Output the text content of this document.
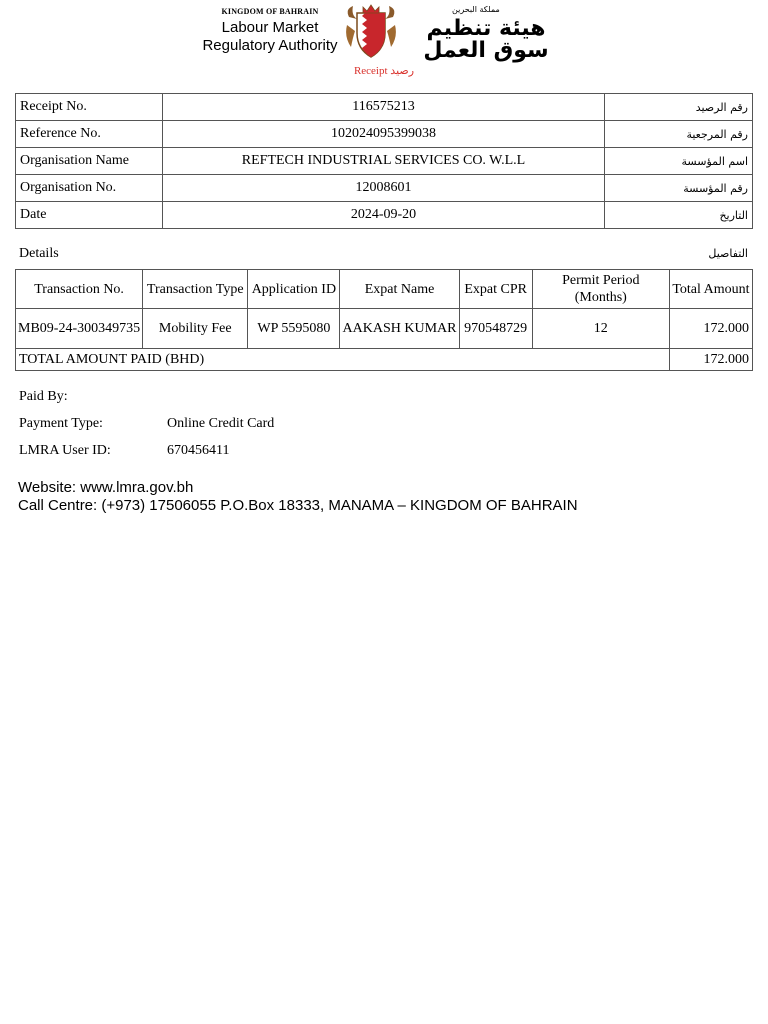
KINGDOM OF BAHRAIN
Labour Market
Regulatory Authority
مملكة البحرين
هيئة تنظيم سوق العمل
Receipt رصيد
Receipt No.	116575213	رقم الرصيد
Reference No.	102024095399038	رقم المرجعية
Organisation Name	REFTECH INDUSTRIAL SERVICES CO. W.L.L	اسم المؤسسة
Organisation No.	12008601	رقم المؤسسة
Date	2024-09-20	التاريخ
Details	التفاصيل
Transaction No.	Transaction Type	Application ID	Expat Name	Expat CPR	Permit Period (Months)	Total Amount
MB09-24-300349735	Mobility Fee	WP 5595080	AAKASH KUMAR	970548729	12	172.000
TOTAL AMOUNT PAID (BHD)						172.000
Paid By:
Payment Type:	Online Credit Card
LMRA User ID:	670456411
Website: www.lmra.gov.bh
Call Centre: (+973) 17506055 P.O.Box 18333, MANAMA – KINGDOM OF BAHRAIN
